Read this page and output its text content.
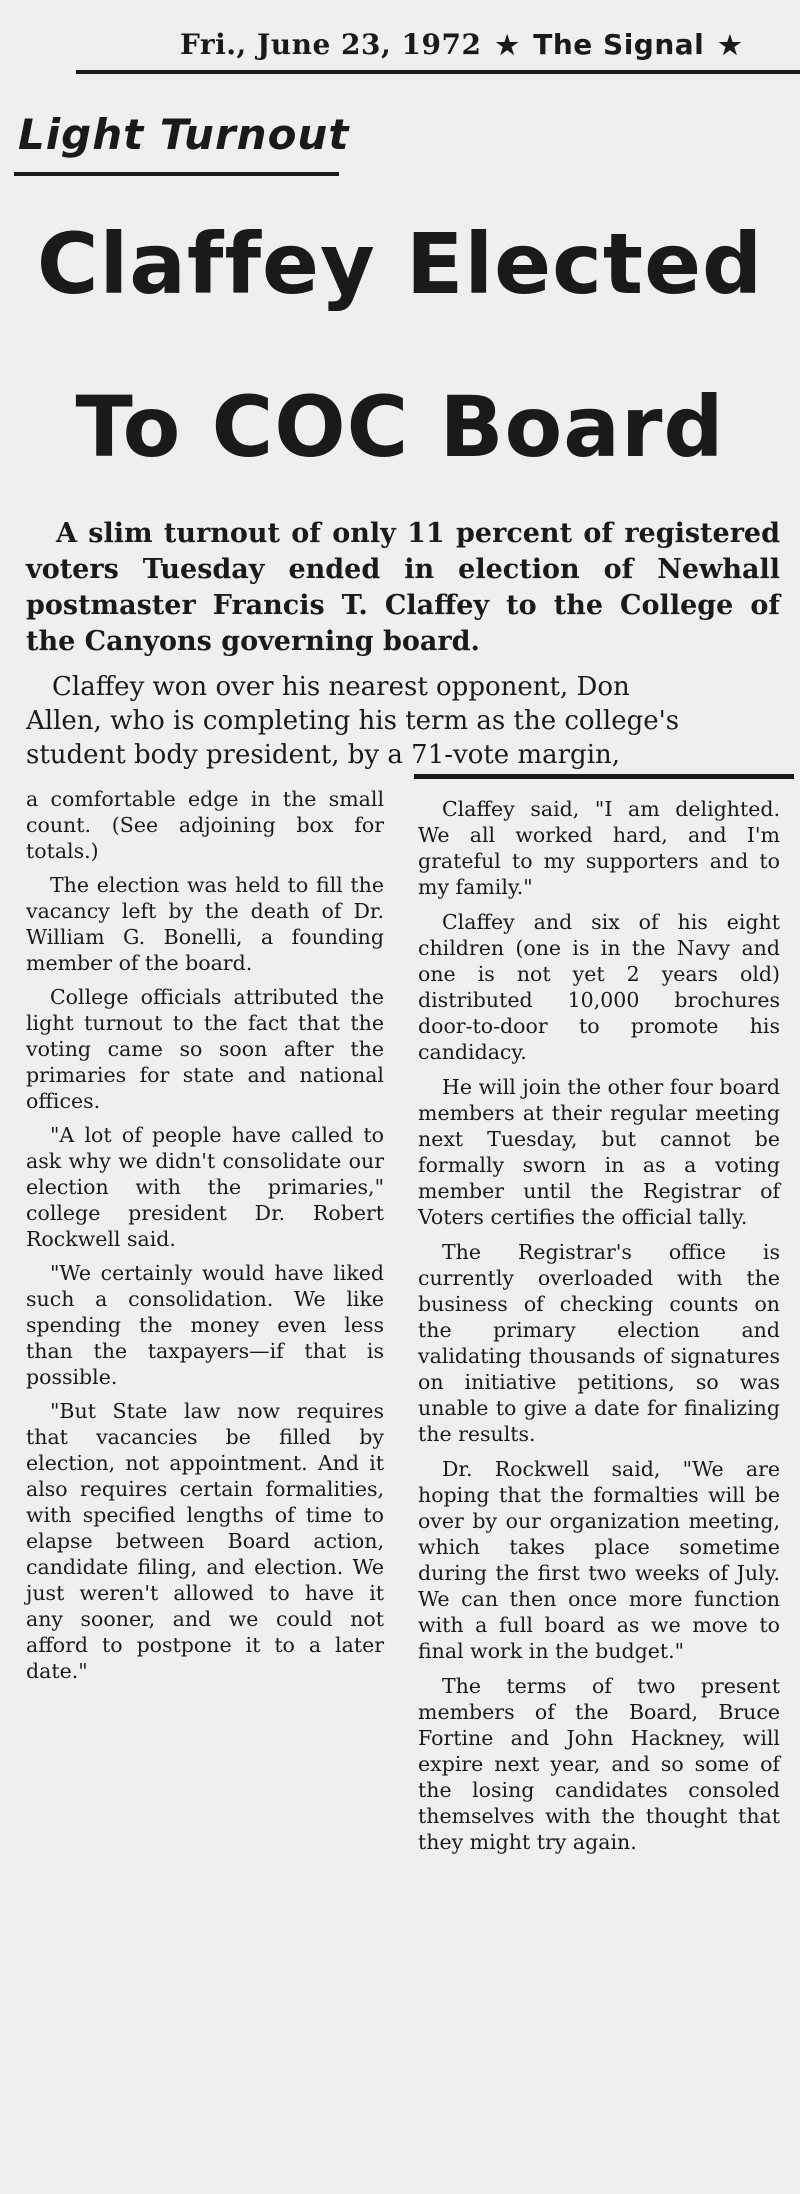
Fri., June 23, 1972 ★ The Signal ★
Light Turnout
Claffey Elected
To COC Board
A slim turnout of only 11 percent of registered voters Tuesday ended in election of Newhall postmaster Francis T. Claffey to the College of the Canyons governing board.
Claffey won over his nearest opponent, Don
Allen, who is completing his term as the college's
student body president, by a 71-vote margin,

a comfortable edge in the small count. (See adjoining box for totals.)

The election was held to fill the vacancy left by the death of Dr. William G. Bonelli, a founding member of the board.

College officials attributed the light turnout to the fact that the voting came so soon after the primaries for state and national offices.

"A lot of people have called to ask why we didn't consolidate our election with the primaries," college president Dr. Robert Rockwell said.

"We certainly would have liked such a consolidation. We like spending the money even less than the taxpayers—if that is possible.

"But State law now requires that vacancies be filled by election, not appointment. And it also requires certain formalities, with specified lengths of time to elapse between Board action, candidate filing, and election. We just weren't allowed to have it any sooner, and we could not afford to postpone it to a later date."

Claffey said, "I am delighted. We all worked hard, and I'm grateful to my supporters and to my family."

Claffey and six of his eight children (one is in the Navy and one is not yet 2 years old) distributed 10,000 brochures door-to-door to promote his candidacy.

He will join the other four board members at their regular meeting next Tuesday, but cannot be formally sworn in as a voting member until the Registrar of Voters certifies the official tally.

The Registrar's office is currently overloaded with the business of checking counts on the primary election and validating thousands of signatures on initiative petitions, so was unable to give a date for finalizing the results.

Dr. Rockwell said, "We are hoping that the formalties will be over by our organization meeting, which takes place sometime during the first two weeks of July. We can then once more function with a full board as we move to final work in the budget."

The terms of two present members of the Board, Bruce Fortine and John Hackney, will expire next year, and so some of the losing candidates consoled themselves with the thought that they might try again.
